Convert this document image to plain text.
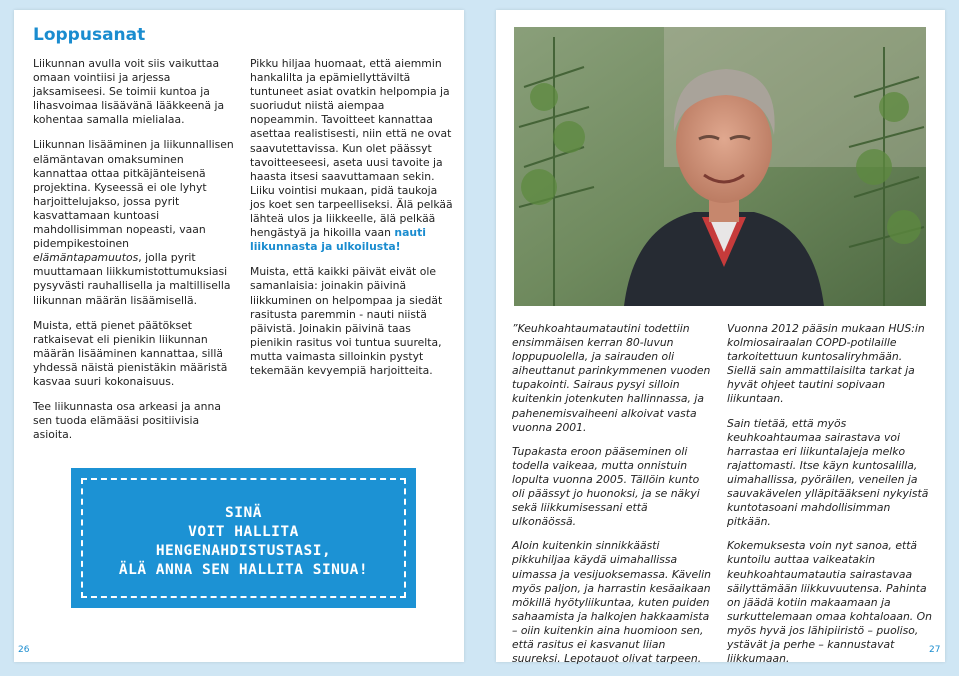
Loppusanat

Liikunnan avulla voit siis vaikuttaa omaan vointiisi ja arjessa jaksamiseesi. Se toimii kuntoa ja lihasvoimaa lisäävänä lääkkeenä ja kohentaa samalla mielialaa.

Liikunnan lisääminen ja liikunnallisen elämäntavan omaksuminen kannattaa ottaa pitkäjänteisenä projektina. Kyseessä ei ole lyhyt harjoittelujakso, jossa pyrit kasvattamaan kuntoasi mahdollisimman nopeasti, vaan pidempikestoinen elämäntapamuutos, jolla pyrit muuttamaan liikkumistottumuksiasi pysyvästi rauhallisella ja maltillisella liikunnan määrän lisäämisellä.

Muista, että pienet päätökset ratkaisevat eli pienikin liikunnan määrän lisääminen kannattaa, sillä yhdessä näistä pienistäkin määristä kasvaa suuri kokonaisuus.

Tee liikunnasta osa arkeasi ja anna sen tuoda elämääsi positiivisia asioita.

Pikku hiljaa huomaat, että aiemmin hankalilta ja epämiellyttäviltä tuntuneet asiat ovatkin helpompia ja suoriudut niistä aiempaa nopeammin. Tavoitteet kannattaa asettaa realistisesti, niin että ne ovat saavutettavissa. Kun olet päässyt tavoitteeseesi, aseta uusi tavoite ja haasta itsesi saavuttamaan sekin. Liiku vointisi mukaan, pidä taukoja jos koet sen tarpeelliseksi. Älä pelkää lähteä ulos ja liikkeelle, älä pelkää hengästyä ja hikoilla vaan nauti liikunnasta ja ulkoilusta!

Muista, että kaikki päivät eivät ole samanlaisia: joinakin päivinä liikkuminen on helpompaa ja siedät rasitusta paremmin - nauti niistä päivistä. Joinakin päivinä taas pienikin rasitus voi tuntua suurelta, mutta vaimasta silloinkin pystyt tekemään kevyempiä harjoitteita.

SINÄ
VOIT HALLITA
HENGENAHDISTUSTASI,
ÄLÄ ANNA SEN HALLITA SINUA!
26

”Keuhkoahtaumatautini todettiin ensimmäisen kerran 80-luvun loppupuolella, ja sairauden oli aiheuttanut parinkymmenen vuoden tupakointi. Sairaus pysyi silloin kuitenkin jotenkuten hallinnassa, ja pahenemisvaiheeni alkoivat vasta vuonna 2001.

Tupakasta eroon pääseminen oli todella vaikeaa, mutta onnistuin lopulta vuonna 2005. Tällöin kunto oli päässyt jo huonoksi, ja se näkyi sekä liikkumisessani että ulkonäössä.

Aloin kuitenkin sinnikkäästi pikkuhiljaa käydä uimahallissa uimassa ja vesijuoksemassa. Kävelin myös paljon, ja harrastin kesäaikaan mökillä hyötyliikuntaa, kuten puiden sahaamista ja halkojen hakkaamista – oiin kuitenkin aina huomioon sen, että rasitus ei kasvanut liian suureksi. Lepotauot olivat tarpeen.

Vuonna 2012 pääsin mukaan HUS:in kolmiosairaalan COPD-potilaille tarkoitettuun kuntosaliryhmään. Siellä sain ammattilaisilta tarkat ja hyvät ohjeet tautini sopivaan liikuntaan.

Sain tietää, että myös keuhkoahtaumaa sairastava voi harrastaa eri liikuntalajeja melko rajattomasti. Itse käyn kuntosalilla, uimahallissa, pyöräilen, veneilen ja sauvakävelen ylläpitääkseni nykyistä kuntotasoani mahdollisimman pitkään.

Kokemuksesta voin nyt sanoa, että kuntoilu auttaa vaikeatakin keuhkoahtaumatautia sairastavaa säilyttämään liikkuvuutensa. Pahinta on jäädä kotiin makaamaan ja surkuttelemaan omaa kohtaloaan. On myös hyvä jos lähipiiristö – puoliso, ystävät ja perhe – kannustavat liikkumaan.

27
